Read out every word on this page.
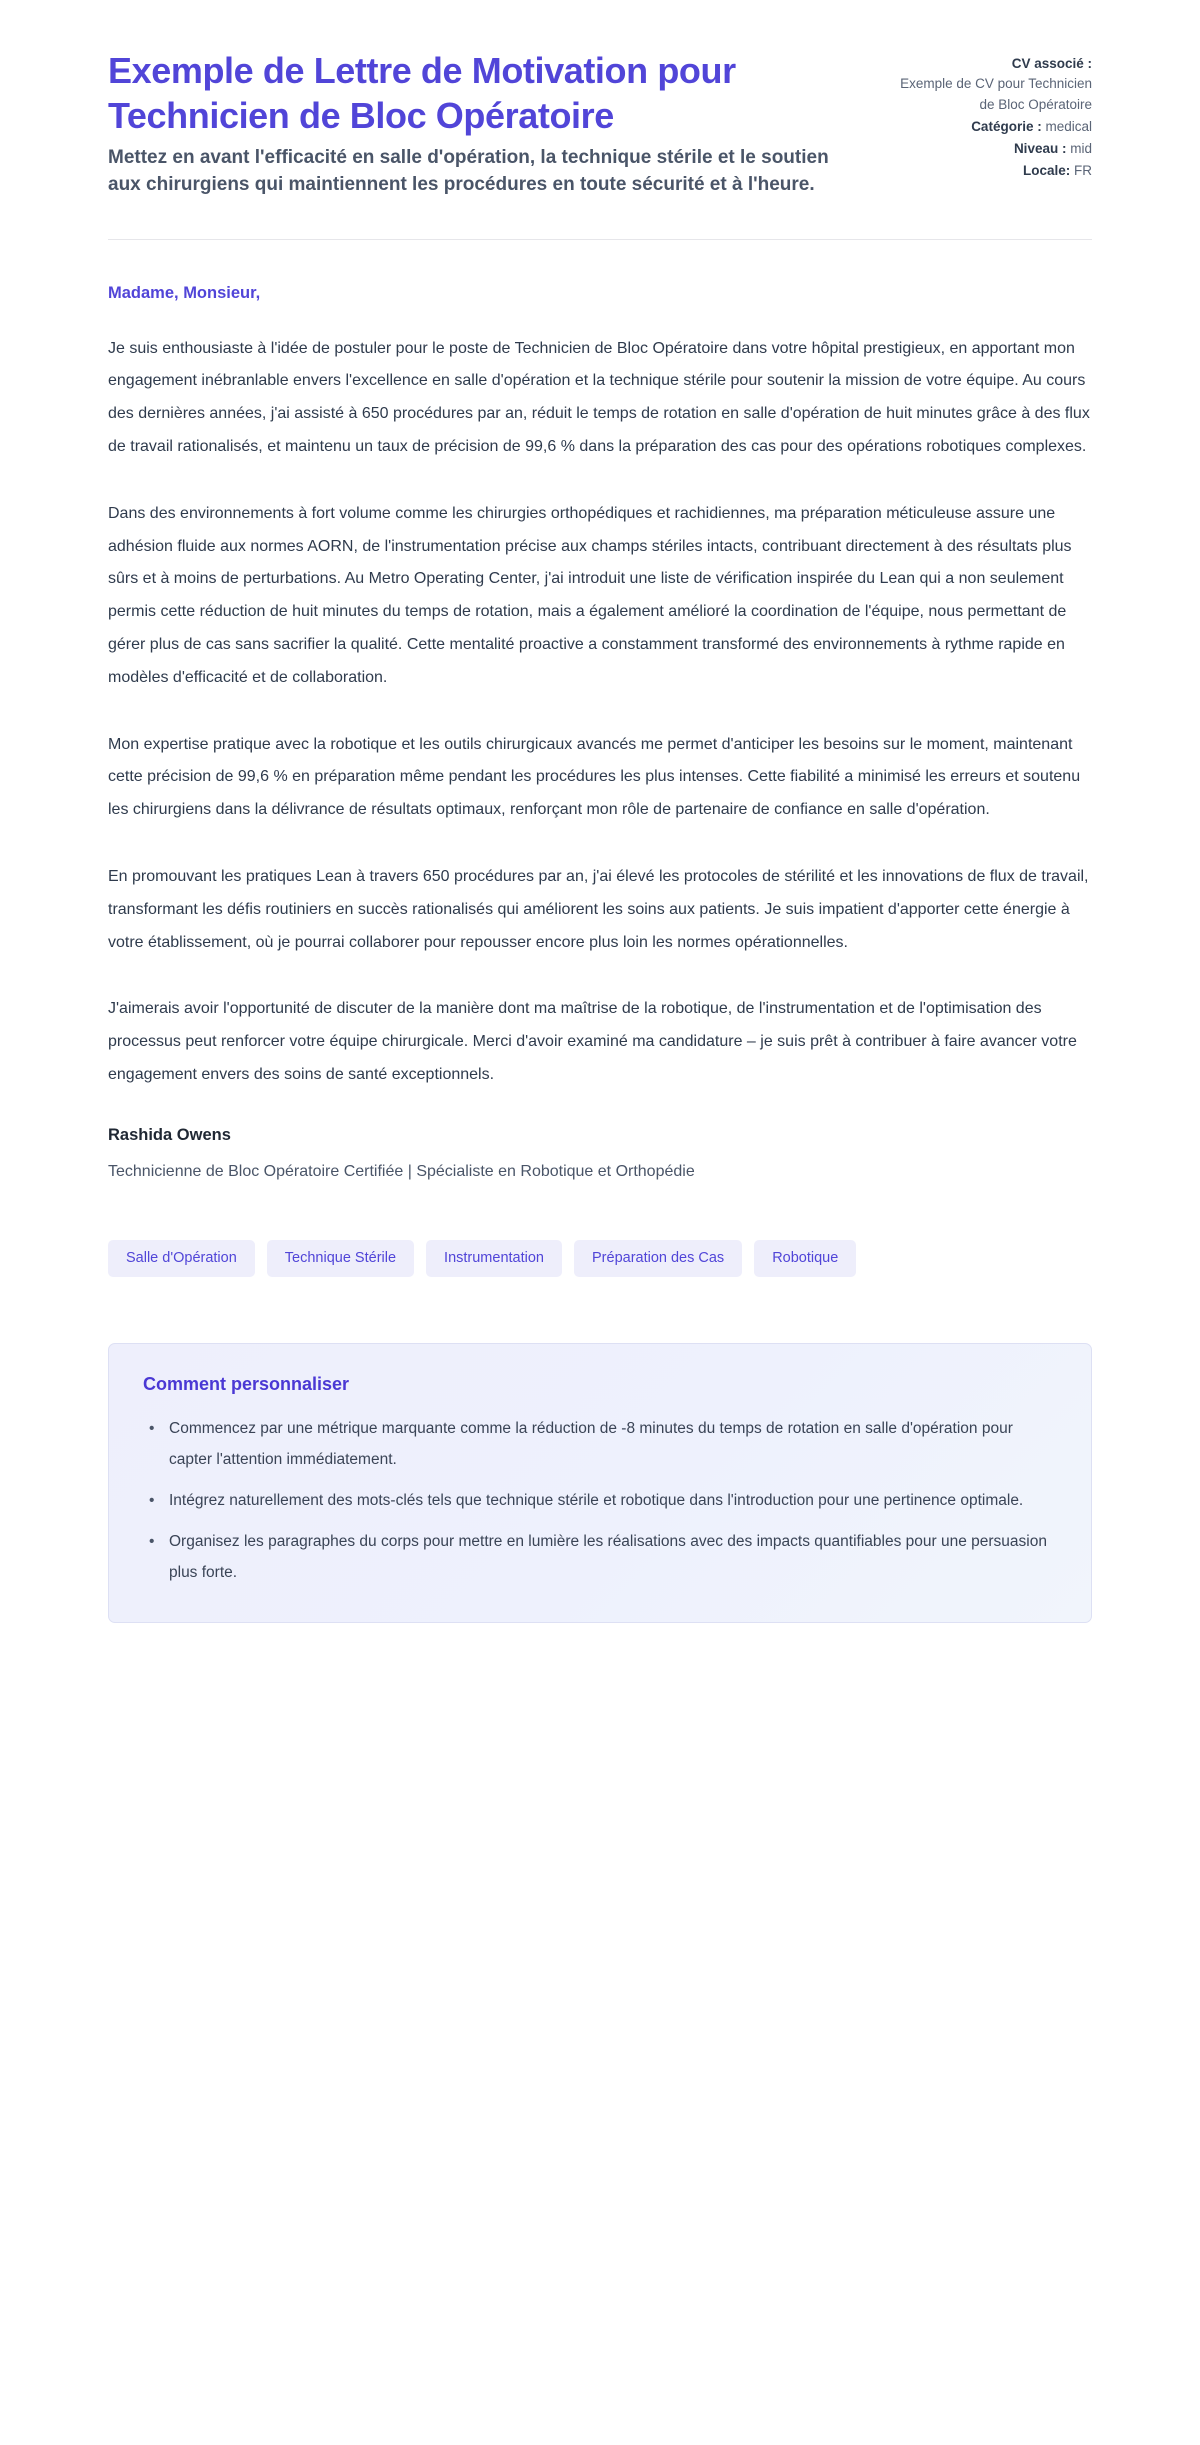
Exemple de Lettre de Motivation pour Technicien de Bloc Opératoire

Mettez en avant l'efficacité en salle d'opération, la technique stérile et le soutien aux chirurgiens qui maintiennent les procédures en toute sécurité et à l'heure.

CV associé :
Exemple de CV pour Technicien de Bloc Opératoire
Catégorie : medical
Niveau : mid
Locale: FR

Madame, Monsieur,

Je suis enthousiaste à l'idée de postuler pour le poste de Technicien de Bloc Opératoire dans votre hôpital prestigieux, en apportant mon engagement inébranlable envers l'excellence en salle d'opération et la technique stérile pour soutenir la mission de votre équipe. Au cours des dernières années, j'ai assisté à 650 procédures par an, réduit le temps de rotation en salle d'opération de huit minutes grâce à des flux de travail rationalisés, et maintenu un taux de précision de 99,6 % dans la préparation des cas pour des opérations robotiques complexes.

Dans des environnements à fort volume comme les chirurgies orthopédiques et rachidiennes, ma préparation méticuleuse assure une adhésion fluide aux normes AORN, de l'instrumentation précise aux champs stériles intacts, contribuant directement à des résultats plus sûrs et à moins de perturbations. Au Metro Operating Center, j'ai introduit une liste de vérification inspirée du Lean qui a non seulement permis cette réduction de huit minutes du temps de rotation, mais a également amélioré la coordination de l'équipe, nous permettant de gérer plus de cas sans sacrifier la qualité. Cette mentalité proactive a constamment transformé des environnements à rythme rapide en modèles d'efficacité et de collaboration.

Mon expertise pratique avec la robotique et les outils chirurgicaux avancés me permet d'anticiper les besoins sur le moment, maintenant cette précision de 99,6 % en préparation même pendant les procédures les plus intenses. Cette fiabilité a minimisé les erreurs et soutenu les chirurgiens dans la délivrance de résultats optimaux, renforçant mon rôle de partenaire de confiance en salle d'opération.

En promouvant les pratiques Lean à travers 650 procédures par an, j'ai élevé les protocoles de stérilité et les innovations de flux de travail, transformant les défis routiniers en succès rationalisés qui améliorent les soins aux patients. Je suis impatient d'apporter cette énergie à votre établissement, où je pourrai collaborer pour repousser encore plus loin les normes opérationnelles.

J'aimerais avoir l'opportunité de discuter de la manière dont ma maîtrise de la robotique, de l'instrumentation et de l'optimisation des processus peut renforcer votre équipe chirurgicale. Merci d'avoir examiné ma candidature – je suis prêt à contribuer à faire avancer votre engagement envers des soins de santé exceptionnels.

Rashida Owens

Technicienne de Bloc Opératoire Certifiée | Spécialiste en Robotique et Orthopédie

Salle d'Opération	Technique Stérile	Instrumentation	Préparation des Cas	Robotique
Comment personnaliser
• Commencez par une métrique marquante comme la réduction de -8 minutes du temps de rotation en salle d'opération pour capter l'attention immédiatement.
• Intégrez naturellement des mots-clés tels que technique stérile et robotique dans l'introduction pour une pertinence optimale.
• Organisez les paragraphes du corps pour mettre en lumière les réalisations avec des impacts quantifiables pour une persuasion plus forte.
